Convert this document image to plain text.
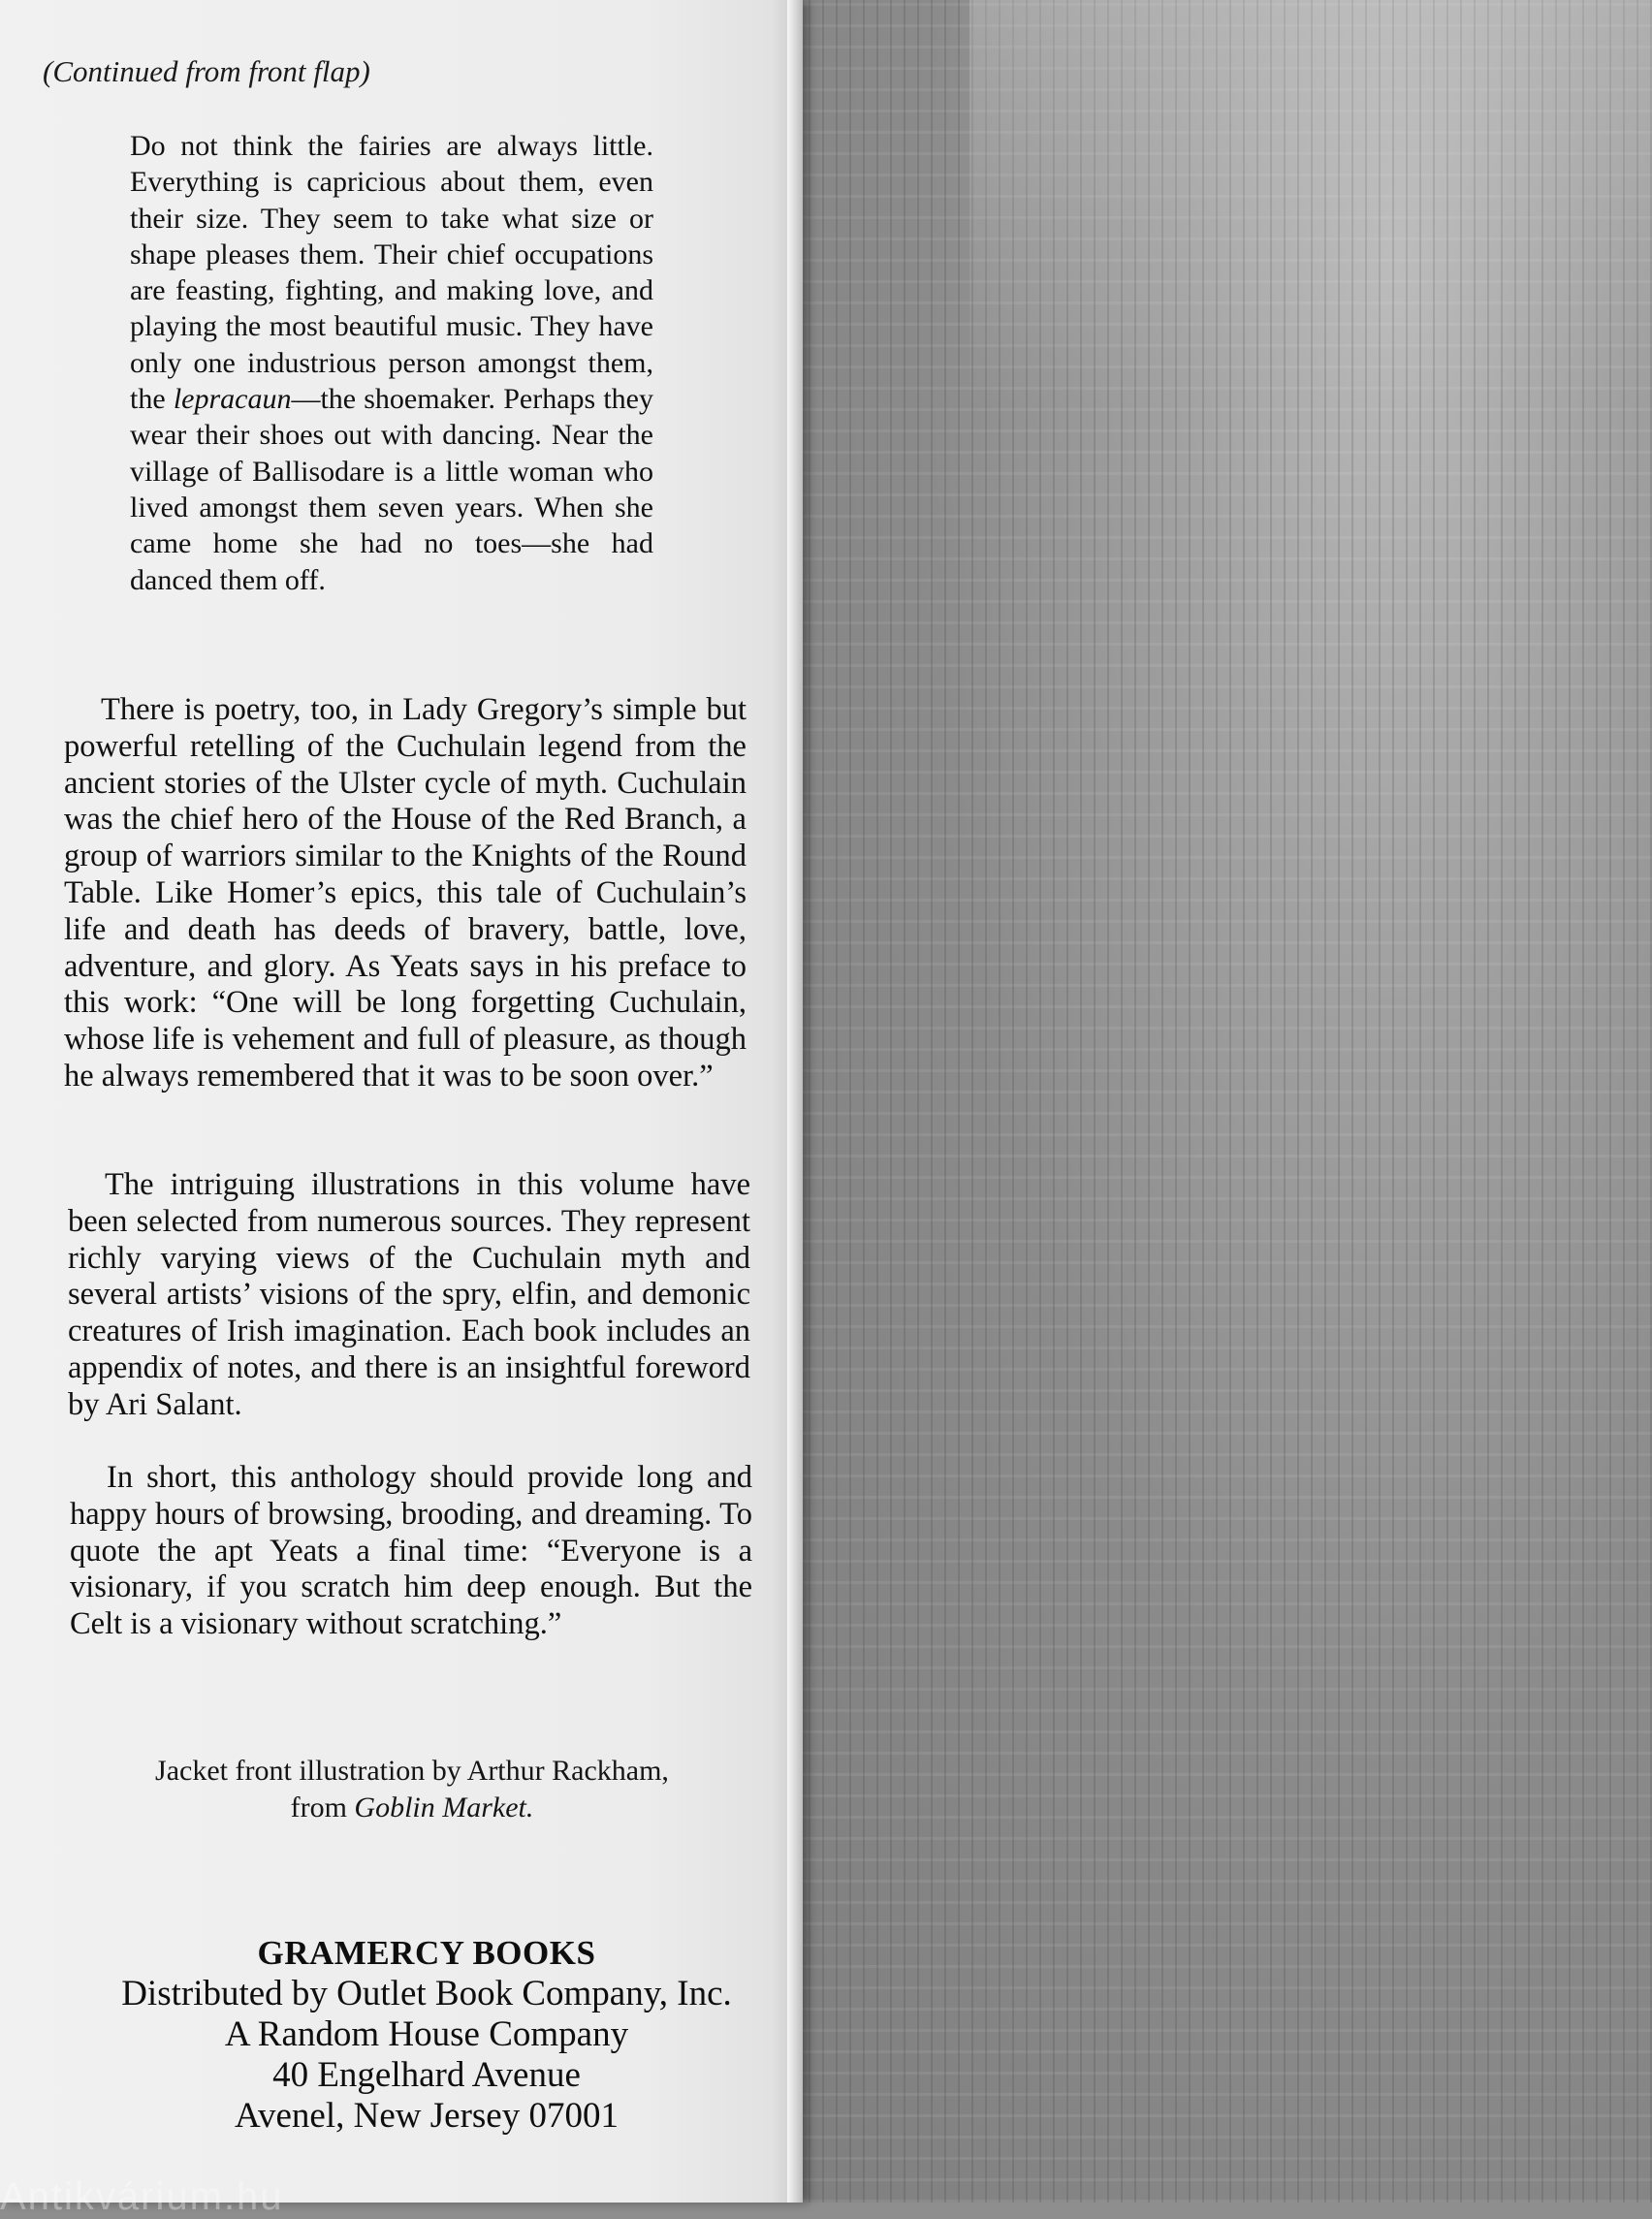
(Continued from front flap)

Do not think the fairies are always little. Everything is capricious about them, even their size. They seem to take what size or shape pleases them. Their chief occupations are feasting, fighting, and making love, and playing the most beautiful music. They have only one industrious person amongst them, the lepracaun—the shoemaker. Perhaps they wear their shoes out with dancing. Near the village of Ballisodare is a little woman who lived amongst them seven years. When she came home she had no toes—she had danced them off.

There is poetry, too, in Lady Gregory’s simple but powerful retelling of the Cuchulain legend from the ancient stories of the Ulster cycle of myth. Cuchulain was the chief hero of the House of the Red Branch, a group of warriors similar to the Knights of the Round Table. Like Homer’s epics, this tale of Cuchulain’s life and death has deeds of bravery, battle, love, adventure, and glory. As Yeats says in his preface to this work: “One will be long forgetting Cuchulain, whose life is vehement and full of pleasure, as though he always remembered that it was to be soon over.”

The intriguing illustrations in this volume have been selected from numerous sources. They represent richly varying views of the Cuchulain myth and several artists’ visions of the spry, elfin, and demonic creatures of Irish imagination. Each book includes an appendix of notes, and there is an insightful foreword by Ari Salant.

In short, this anthology should provide long and happy hours of browsing, brooding, and dreaming. To quote the apt Yeats a final time: “Everyone is a visionary, if you scratch him deep enough. But the Celt is a visionary without scratching.”

Jacket front illustration by Arthur Rackham,
from Goblin Market.
GRAMERCY BOOKS
Distributed by Outlet Book Company, Inc.
A Random House Company
40 Engelhard Avenue
Avenel, New Jersey 07001
Antikvárium.hu
